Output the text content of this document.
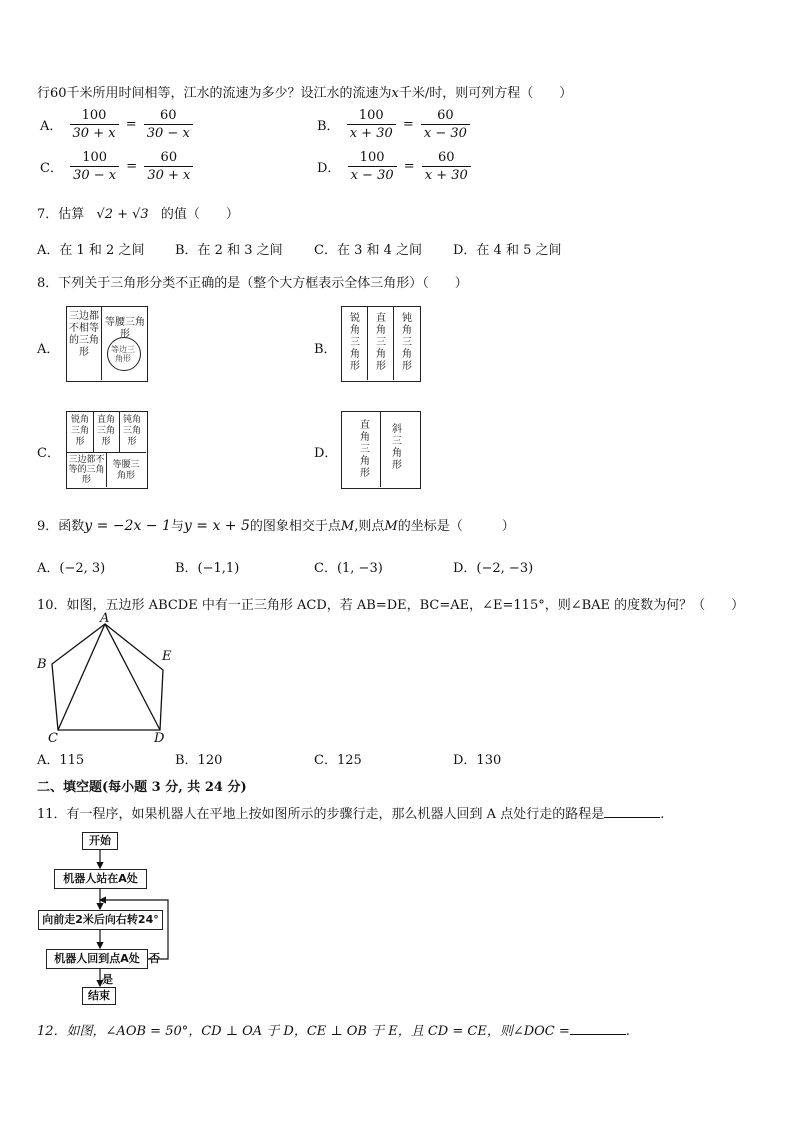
行60千米所用时间相等，江水的流速为多少？设江水的流速为x千米/时，则可列方程（　　）
A． $\frac{100}{30 + x} = \frac{60}{30 - x}$	B． $\frac{100}{x + 30} = \frac{60}{x - 30}$
C． $\frac{100}{30 - x} = \frac{60}{30 + x}$	D． $\frac{100}{x - 30} = \frac{60}{x + 30}$
7．估算 √2 + √3 的值（　　）
A．在 1 和 2 之间 B．在 2 和 3 之间 C．在 3 和 4 之间 D．在 4 和 5 之间
8．下列关于三角形分类不正确的是（整个大方框表示全体三角形）（　　）
A．
三边都不相等的三角形
等腰三角形
等边三角形
B．
锐角三角形
直角三角形
钝角三角形
C．
锐角三角形
直角三角形
钝角三角形
三边都不等的三角形
等腰三角形
D．
直角三角形
斜三角形
9．函数y = −2x − 1与y = x + 5的图象相交于点M,则点M的坐标是（　　　）
A．(−2, 3)	B．(−1,1)	C．(1, −3)	D．(−2, −3)
10．如图，五边形 ABCDE 中有一正三角形 ACD，若 AB=DE，BC=AE，∠E=115°，则∠BAE 的度数为何？（　　）
A
B
C	D
E
A．115	B．120	C．125	D．130
二、填空题(每小题 3 分, 共 24 分)
11．有一程序，如果机器人在平地上按如图所示的步骤行走，那么机器人回到 A 点处行走的路程是	.
开始
机器人站在A处
向前走2米后向右转24°
机器人回到点A处
结束
否
是
12．如图，∠AOB = 50°，CD ⊥ OA 于 D，CE ⊥ OB 于 E，且 CD = CE，则∠DOC =	.
